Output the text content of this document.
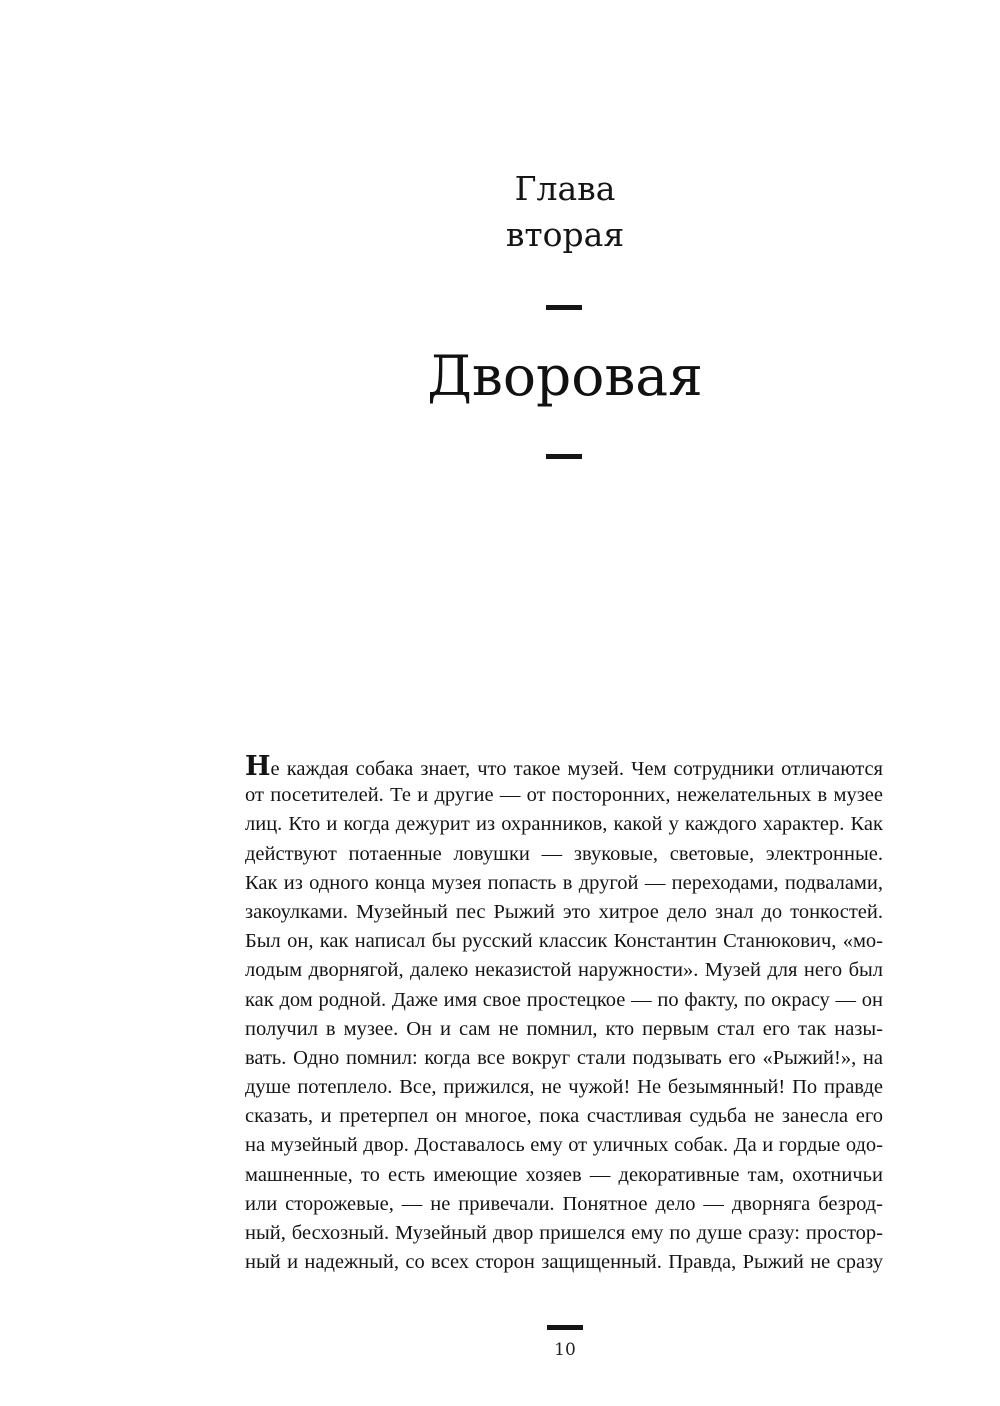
Глава
вторая
Дворовая
Не каждая собака знает, что такое музей. Чем сотрудники отличаются
от посетителей. Те и другие — от посторонних, нежелательных в музее
лиц. Кто и когда дежурит из охранников, какой у каждого характер. Как
действуют потаенные ловушки — звуковые, световые, электронные.
Как из одного конца музея попасть в другой — переходами, подвалами,
закоулками. Музейный пес Рыжий это хитрое дело знал до тонкостей.
Был он, как написал бы русский классик Константин Станюкович, «мо-
лодым дворнягой, далеко неказистой наружности». Музей для него был
как дом родной. Даже имя свое простецкое — по факту, по окрасу — он
получил в музее. Он и сам не помнил, кто первым стал его так назы-
вать. Одно помнил: когда все вокруг стали подзывать его «Рыжий!», на
душе потеплело. Все, прижился, не чужой! Не безымянный! По правде
сказать, и претерпел он многое, пока счастливая судьба не занесла его
на музейный двор. Доставалось ему от уличных собак. Да и гордые одо-
машненные, то есть имеющие хозяев — декоративные там, охотничьи
или сторожевые, — не привечали. Понятное дело — дворняга безрод-
ный, бесхозный. Музейный двор пришелся ему по душе сразу: простор-
ный и надежный, со всех сторон защищенный. Правда, Рыжий не сразу
10
